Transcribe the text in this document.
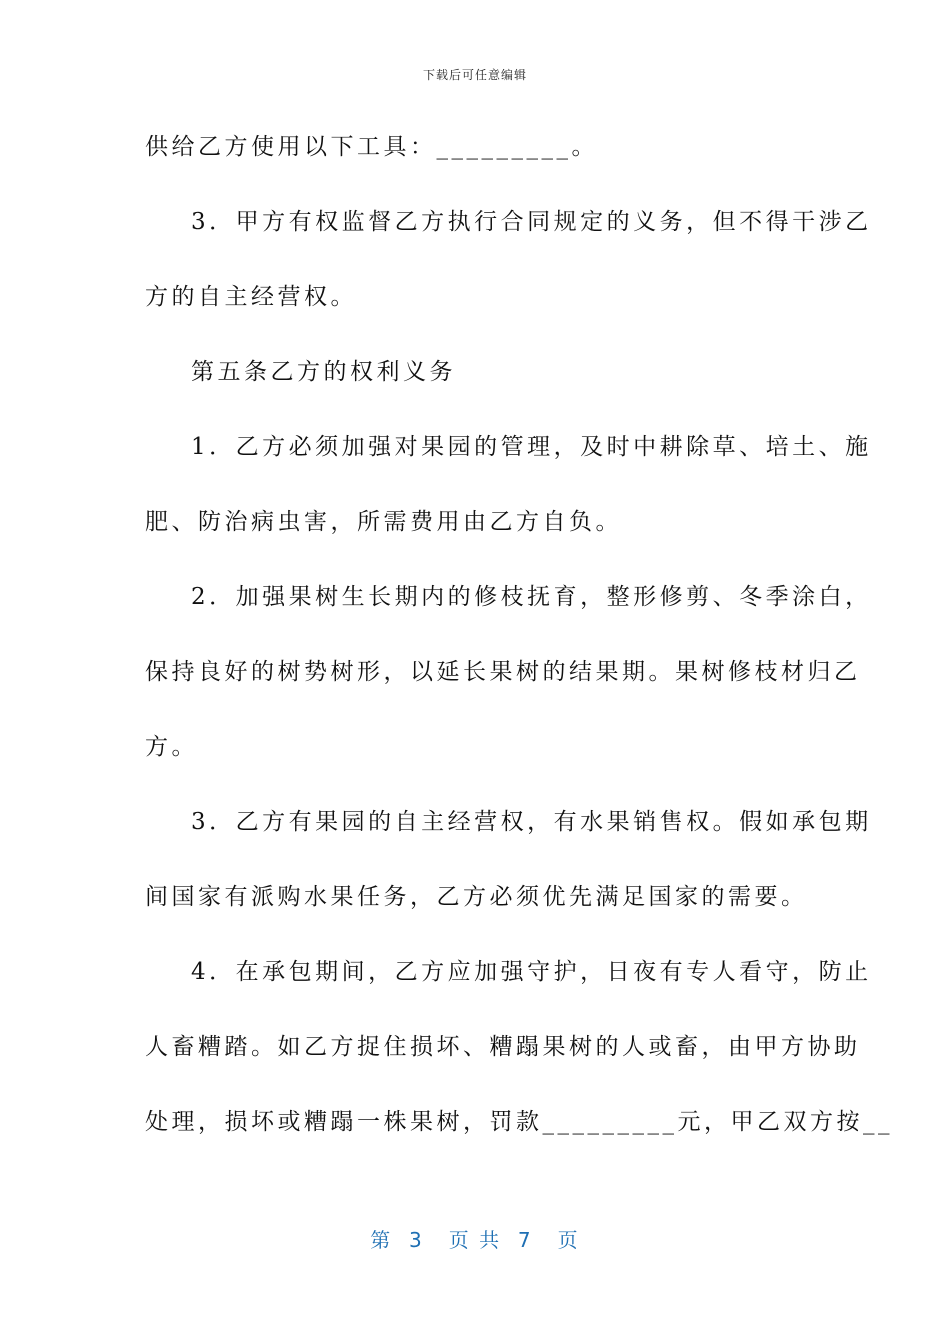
下载后可任意编辑
供给乙方使用以下工具：_________。
3．甲方有权监督乙方执行合同规定的义务，但不得干涉乙
方的自主经营权。
第五条乙方的权利义务
1．乙方必须加强对果园的管理，及时中耕除草、培土、施
肥、防治病虫害，所需费用由乙方自负。
2．加强果树生长期内的修枝抚育，整形修剪、冬季涂白，
保持良好的树势树形，以延长果树的结果期。果树修枝材归乙
方。
3．乙方有果园的自主经营权，有水果销售权。假如承包期
间国家有派购水果任务，乙方必须优先满足国家的需要。
4．在承包期间，乙方应加强守护，日夜有专人看守，防止
人畜糟踏。如乙方捉住损坏、糟蹋果树的人或畜，由甲方协助
处理，损坏或糟蹋一株果树，罚款_________元，甲乙双方按__
第  3   页 共  7   页
